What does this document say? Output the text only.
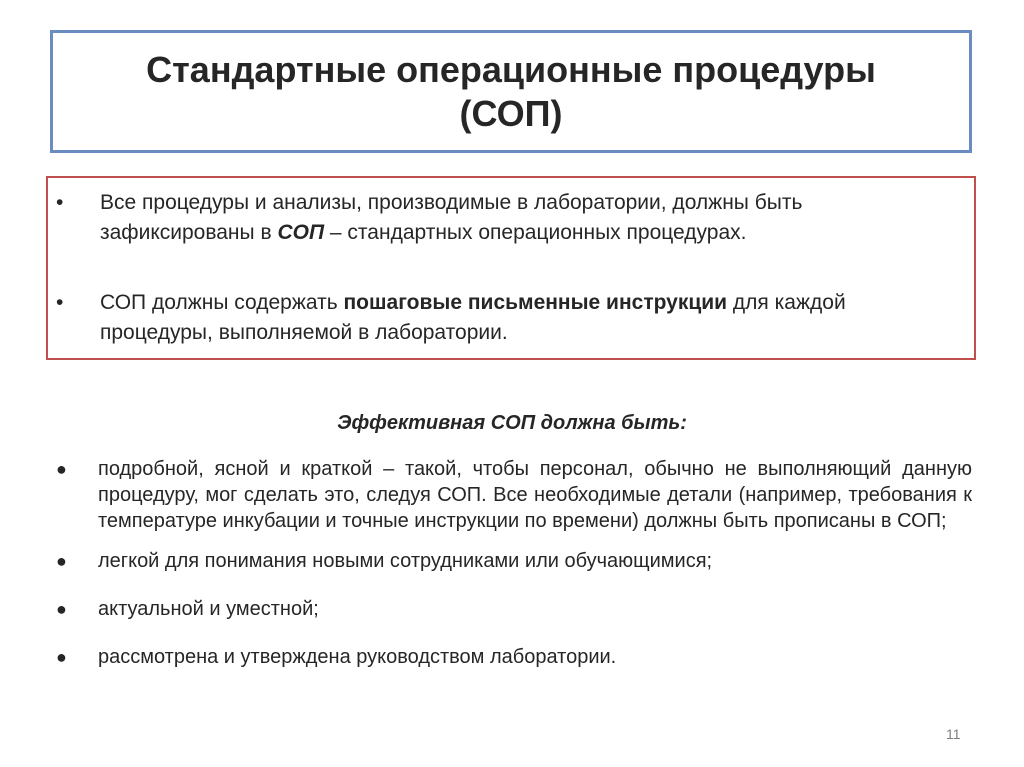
Стандартные операционные процедуры
(СОП)
•	Все процедуры и анализы, производимые в лаборатории, должны быть зафиксированы в СОП – стандартных операционных процедурах.
•	СОП должны содержать пошаговые письменные инструкции для каждой процедуры, выполняемой в лаборатории.
Эффективная СОП должна быть:
● подробной, ясной и краткой – такой, чтобы персонал, обычно не выполняющий данную процедуру, мог сделать это, следуя СОП. Все необходимые детали (например, требования к температуре инкубации и точные инструкции по времени) должны быть прописаны в СОП;
● легкой для понимания новыми сотрудниками или обучающимися;
● актуальной и уместной;
● рассмотрена и утверждена руководством лаборатории.
11
